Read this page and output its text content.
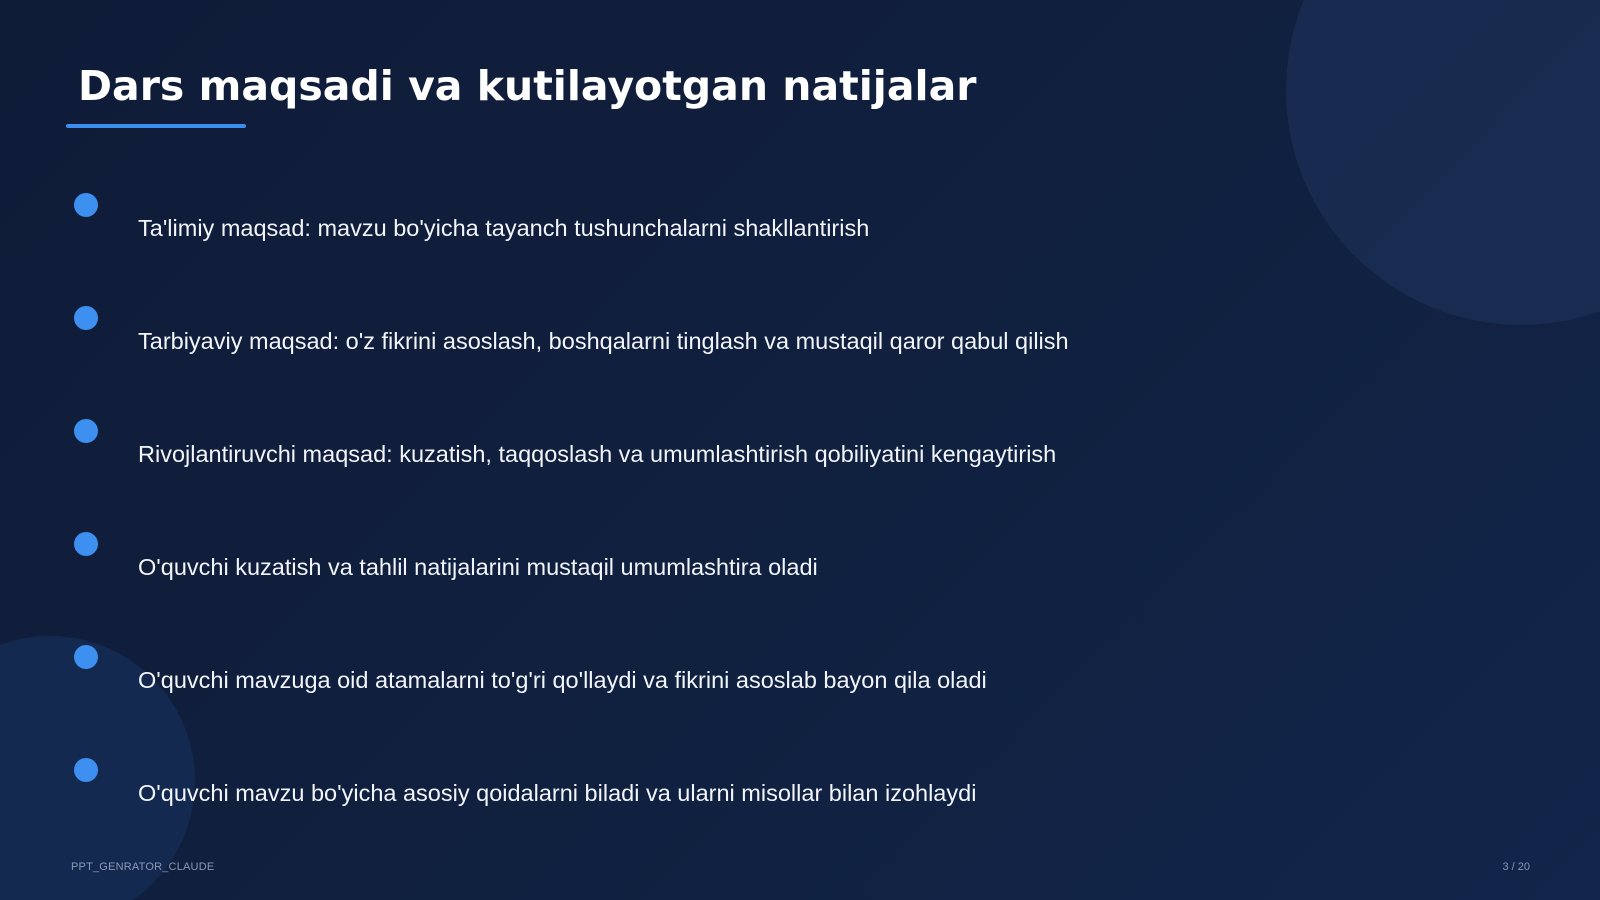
Dars maqsadi va kutilayotgan natijalar
Ta'limiy maqsad: mavzu bo'yicha tayanch tushunchalarni shakllantirish
Tarbiyaviy maqsad: o'z fikrini asoslash, boshqalarni tinglash va mustaqil qaror qabul qilish
Rivojlantiruvchi maqsad: kuzatish, taqqoslash va umumlashtirish qobiliyatini kengaytirish
O'quvchi kuzatish va tahlil natijalarini mustaqil umumlashtira oladi
O'quvchi mavzuga oid atamalarni to'g'ri qo'llaydi va fikrini asoslab bayon qila oladi
O'quvchi mavzu bo'yicha asosiy qoidalarni biladi va ularni misollar bilan izohlaydi
PPT_GENRATOR_CLAUDE	3 / 20
